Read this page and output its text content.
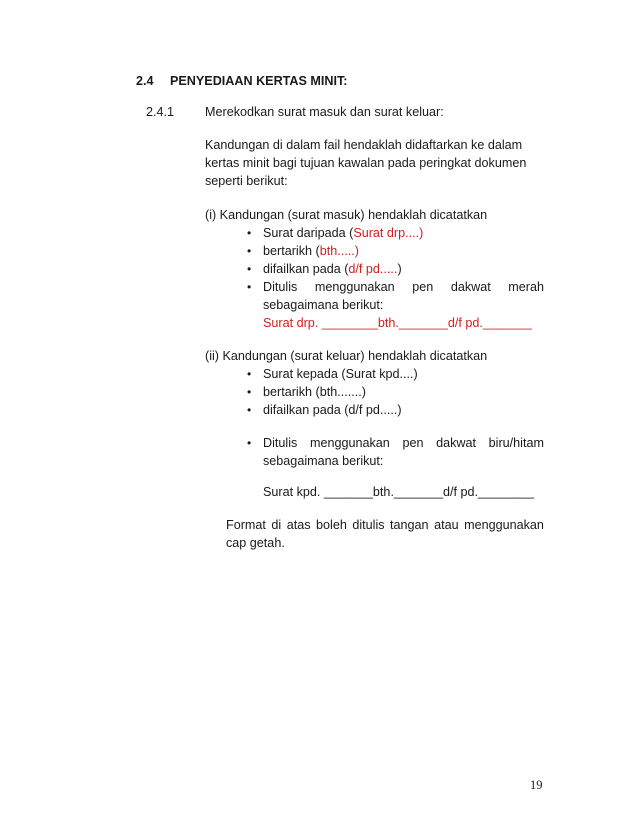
2.4 PENYEDIAAN KERTAS MINIT:
2.4.1 Merekodkan surat masuk dan surat keluar:
Kandungan di dalam fail hendaklah didaftarkan ke dalam
kertas minit bagi tujuan kawalan pada peringkat dokumen
seperti berikut:
(i) Kandungan (surat masuk) hendaklah dicatatkan
• Surat daripada (Surat drp....)
• bertarikh (bth.....)
• difailkan pada (d/f pd.....)
• Ditulis menggunakan pen dakwat merah
sebagaimana berikut:
Surat drp. ________bth._______d/f pd._______
(ii) Kandungan (surat keluar) hendaklah dicatatkan
• Surat kepada (Surat kpd....)
• bertarikh (bth.......)
• difailkan pada (d/f pd.....)
• Ditulis menggunakan pen dakwat biru/hitam
sebagaimana berikut:
Surat kpd. _______bth._______d/f pd.________
Format di atas boleh ditulis tangan atau menggunakan
cap getah.
19
